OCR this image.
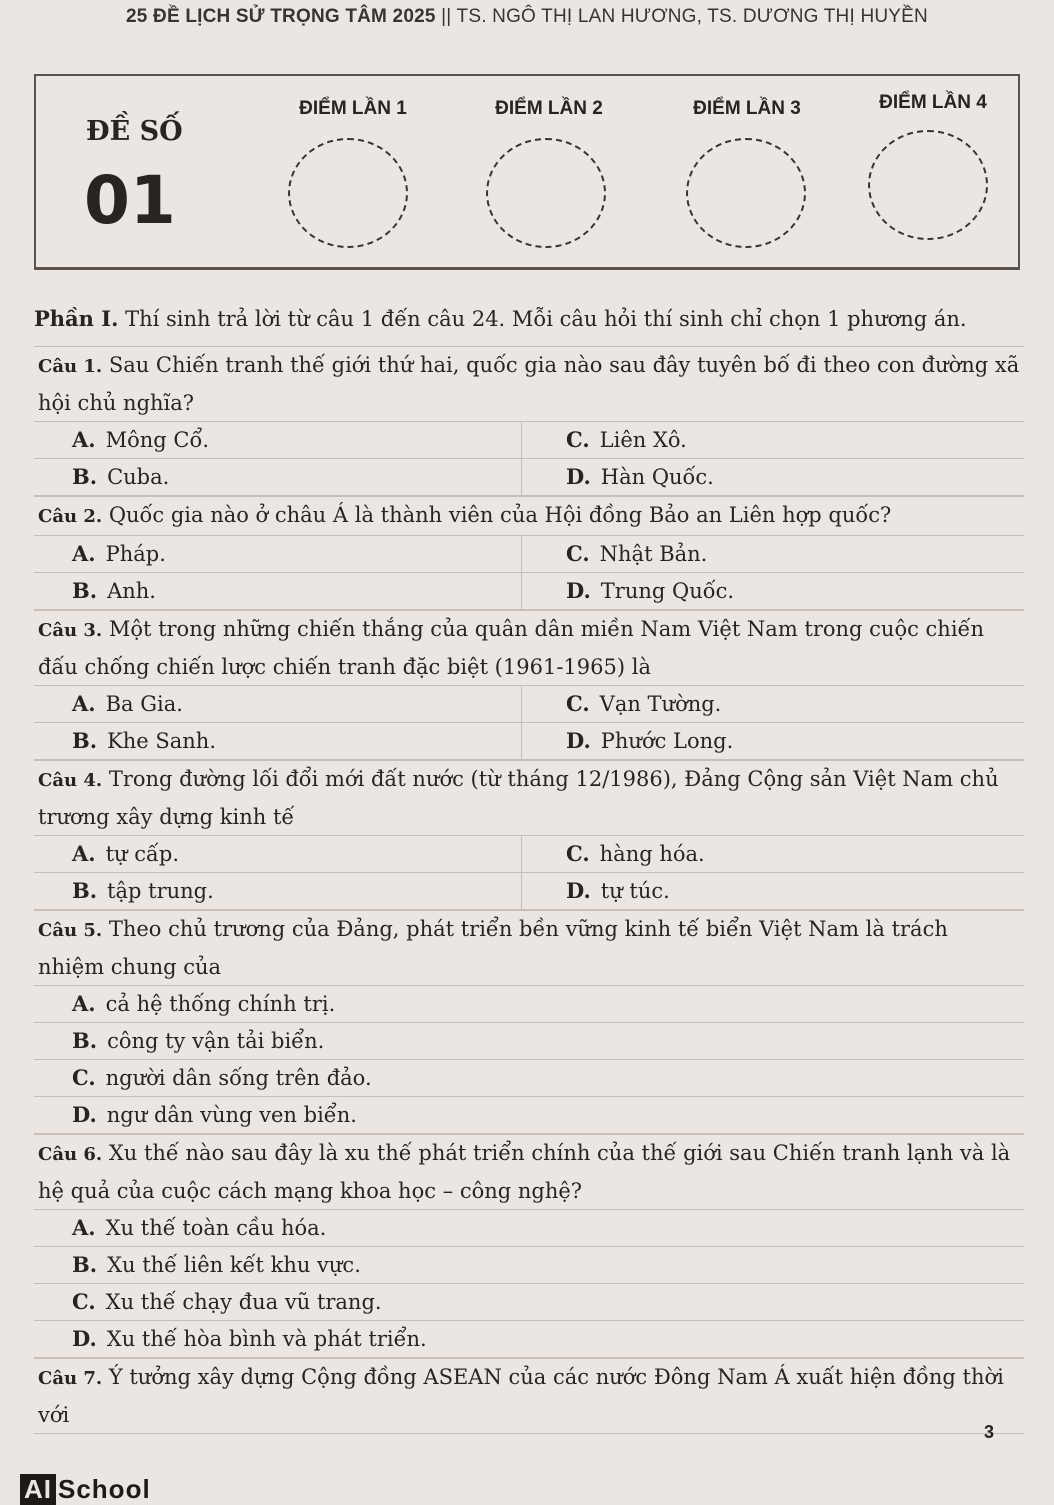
25 ĐỀ LỊCH SỬ TRỌNG TÂM 2025 || TS. NGÔ THỊ LAN HƯƠNG, TS. DƯƠNG THỊ HUYỀN
ĐỀ SỐ
01
ĐIỂM LẦN 1	ĐIỂM LẦN 2	ĐIỂM LẦN 3	ĐIỂM LẦN 4
Phần I. Thí sinh trả lời từ câu 1 đến câu 24. Mỗi câu hỏi thí sinh chỉ chọn 1 phương án.
Câu 1. Sau Chiến tranh thế giới thứ hai, quốc gia nào sau đây tuyên bố đi theo con đường xã hội chủ nghĩa?
A. Mông Cổ.	C. Liên Xô.
B. Cuba.	D. Hàn Quốc.
Câu 2. Quốc gia nào ở châu Á là thành viên của Hội đồng Bảo an Liên hợp quốc?
A. Pháp.	C. Nhật Bản.
B. Anh.	D. Trung Quốc.
Câu 3. Một trong những chiến thắng của quân dân miền Nam Việt Nam trong cuộc chiến đấu chống chiến lược chiến tranh đặc biệt (1961-1965) là
A. Ba Gia.	C. Vạn Tường.
B. Khe Sanh.	D. Phước Long.
Câu 4. Trong đường lối đổi mới đất nước (từ tháng 12/1986), Đảng Cộng sản Việt Nam chủ trương xây dựng kinh tế
A. tự cấp.	C. hàng hóa.
B. tập trung.	D. tự túc.
Câu 5. Theo chủ trương của Đảng, phát triển bền vững kinh tế biển Việt Nam là trách nhiệm chung của
A. cả hệ thống chính trị.
B. công ty vận tải biển.
C. người dân sống trên đảo.
D. ngư dân vùng ven biển.
Câu 6. Xu thế nào sau đây là xu thế phát triển chính của thế giới sau Chiến tranh lạnh và là hệ quả của cuộc cách mạng khoa học – công nghệ?
A. Xu thế toàn cầu hóa.
B. Xu thế liên kết khu vực.
C. Xu thế chạy đua vũ trang.
D. Xu thế hòa bình và phát triển.
Câu 7. Ý tưởng xây dựng Cộng đồng ASEAN của các nước Đông Nam Á xuất hiện đồng thời với
3
AI School
